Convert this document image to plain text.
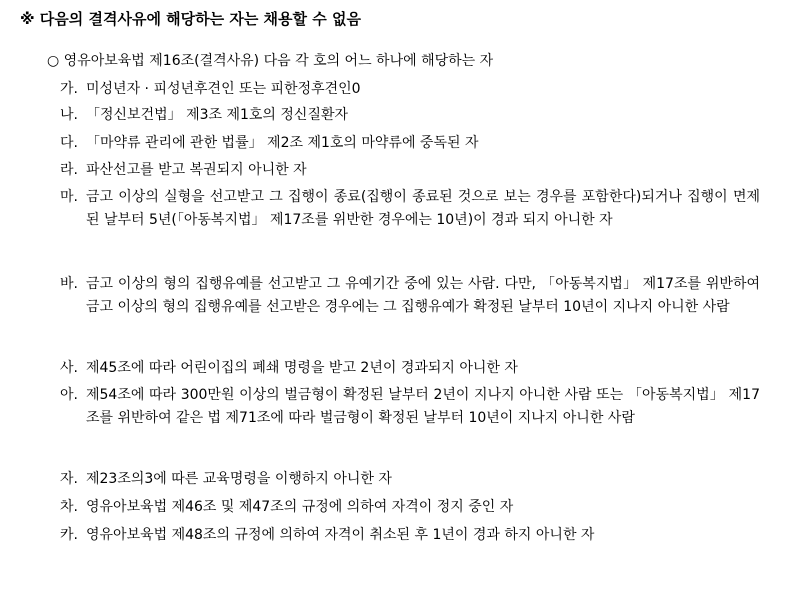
※ 다음의 결격사유에 해당하는 자는 채용할 수 없음
○ 영유아보육법 제16조(결격사유) 다음 각 호의 어느 하나에 해당하는 자
가. 미성년자 · 피성년후견인 또는 피한정후견인0
나. 「정신보건법」 제3조 제1호의 정신질환자
다. 「마약류 관리에 관한 법률」 제2조 제1호의 마약류에 중독된 자
라. 파산선고를 받고 복권되지 아니한 자
마. 금고 이상의 실형을 선고받고 그 집행이 종료(집행이 종료된 것으로 보는 경우를 포함한다)되거나 집행이 면제된 날부터 5년(「아동복지법」 제17조를 위반한 경우에는 10년)이 경과 되지 아니한 자
바. 금고 이상의 형의 집행유예를 선고받고 그 유예기간 중에 있는 사람. 다만, 「아동복지법」 제17조를 위반하여 금고 이상의 형의 집행유예를 선고받은 경우에는 그 집행유예가 확정된 날부터 10년이 지나지 아니한 사람
사. 제45조에 따라 어린이집의 폐쇄 명령을 받고 2년이 경과되지 아니한 자
아. 제54조에 따라 300만원 이상의 벌금형이 확정된 날부터 2년이 지나지 아니한 사람 또는 「아동복지법」 제17조를 위반하여 같은 법 제71조에 따라 벌금형이 확정된 날부터 10년이 지나지 아니한 사람
자. 제23조의3에 따른 교육명령을 이행하지 아니한 자
차. 영유아보육법 제46조 및 제47조의 규정에 의하여 자격이 정지 중인 자
카. 영유아보육법 제48조의 규정에 의하여 자격이 취소된 후 1년이 경과 하지 아니한 자
